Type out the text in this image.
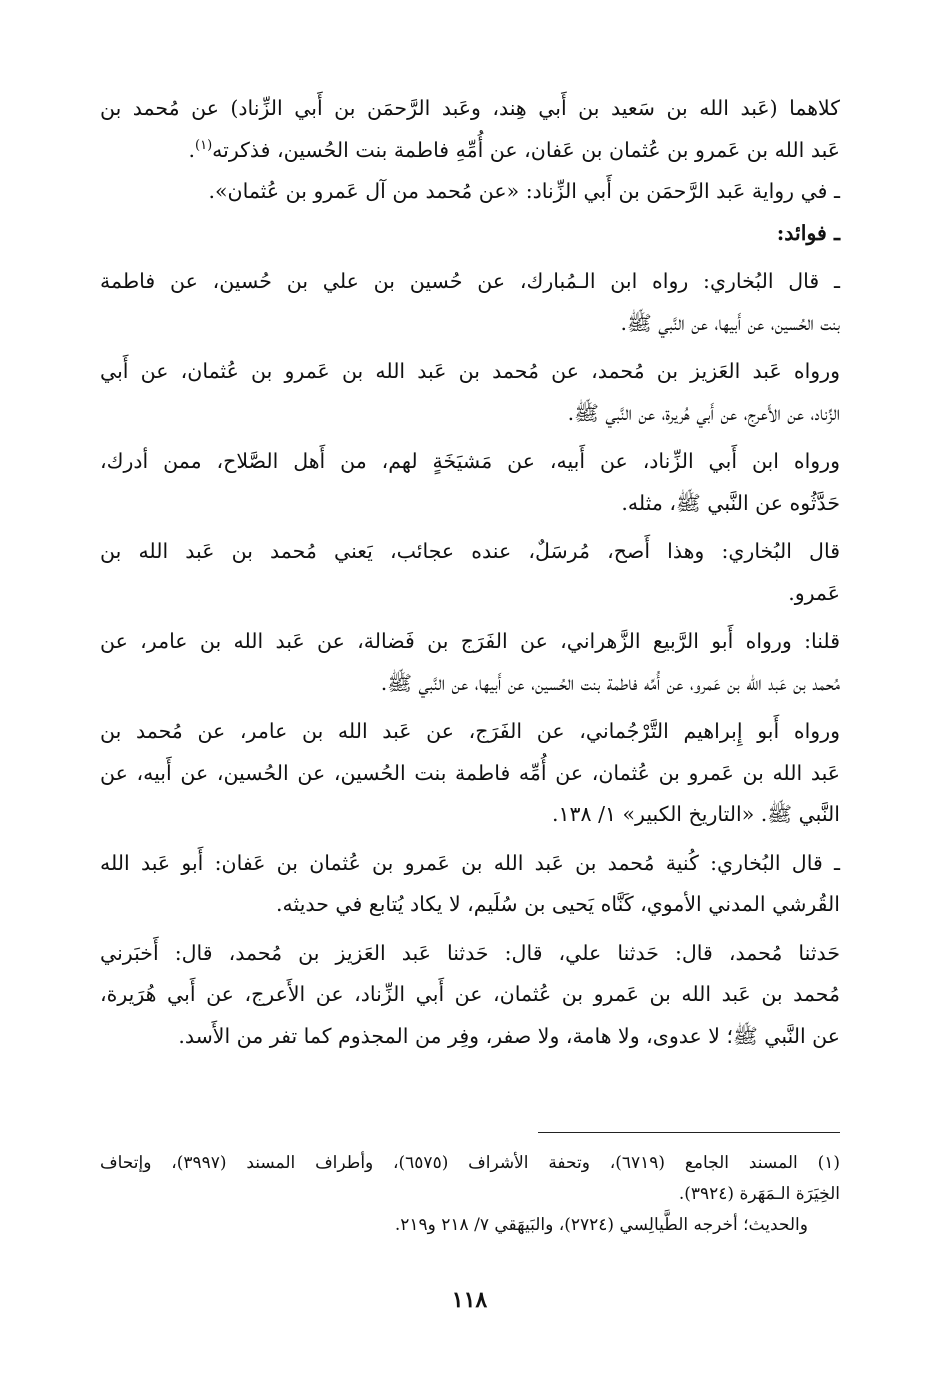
كلاهما (عَبد الله بن سَعيد بن أَبي هِند، وعَبد الرَّحمَن بن أَبي الزِّناد) عن مُحمد بن
عَبد الله بن عَمرو بن عُثمان بن عَفان، عن أُمِّهِ فاطمة بنت الحُسين، فذكرته$^{(١)}$.
ـ في رواية عَبد الرَّحمَن بن أَبي الزِّناد: «عن مُحمد من آل عَمرو بن عُثمان».
ـ فوائد:
ـ قال البُخاري: رواه ابن الـمُبارك، عن حُسين بن علي بن حُسين، عن فاطمة
بنت الحُسين، عن أَبيها، عن النَّبي ﷺ.
ورواه عَبد العَزيز بن مُحمد، عن مُحمد بن عَبد الله بن عَمرو بن عُثمان، عن أَبي
الزِّناد، عن الأَعرج، عن أَبي هُريرة، عن النَّبي ﷺ.
ورواه ابن أَبي الزِّناد، عن أَبيه، عن مَشيَخَةٍ لهم، من أَهل الصَّلاح، ممن أدرك،
حَدَّثُوه عن النَّبي ﷺ، مثله.
قال البُخاري: وهذا أَصح، مُرسَلٌ، عنده عجائب، يَعني مُحمد بن عَبد الله بن
عَمرو.
قلنا: ورواه أَبو الرَّبيع الزَّهراني، عن الفَرَج بن فَضالة، عن عَبد الله بن عامر، عن
مُحمد بن عَبد الله بن عَمرو، عن أُمِّه فاطمة بنت الحُسين، عن أَبيها، عن النَّبي ﷺ.
ورواه أَبو إِبراهيم التَّرْجُماني، عن الفَرَج، عن عَبد الله بن عامر، عن مُحمد بن
عَبد الله بن عَمرو بن عُثمان، عن أُمِّه فاطمة بنت الحُسين، عن الحُسين، عن أَبيه، عن
النَّبي ﷺ. «التاريخ الكبير» ١/ ١٣٨.
ـ قال البُخاري: كُنية مُحمد بن عَبد الله بن عَمرو بن عُثمان بن عَفان: أَبو عَبد الله
القُرشي المدني الأموي، كَنَّاه يَحيى بن سُلَيم، لا يكاد يُتابع في حديثه.
حَدثنا مُحمد، قال: حَدثنا علي، قال: حَدثنا عَبد العَزيز بن مُحمد، قال: أَخبَرني
مُحمد بن عَبد الله بن عَمرو بن عُثمان، عن أَبي الزِّناد، عن الأَعرج، عن أَبي هُرَيرة،
عن النَّبي ﷺ؛ لا عدوى، ولا هامة، ولا صفر، وفِر من المجذوم كما تفر من الأَسد.
(١) المسند الجامع (٦٧١٩)، وتحفة الأشراف (٦٥٧٥)، وأطراف المسند (٣٩٩٧)، وإتحاف
الخِيَرَة الـمَهَرة (٣٩٢٤).
والحديث؛ أخرجه الطَّيالِسي (٢٧٢٤)، والبَيهَقي ٧/ ٢١٨ و٢١٩.
١١٨
